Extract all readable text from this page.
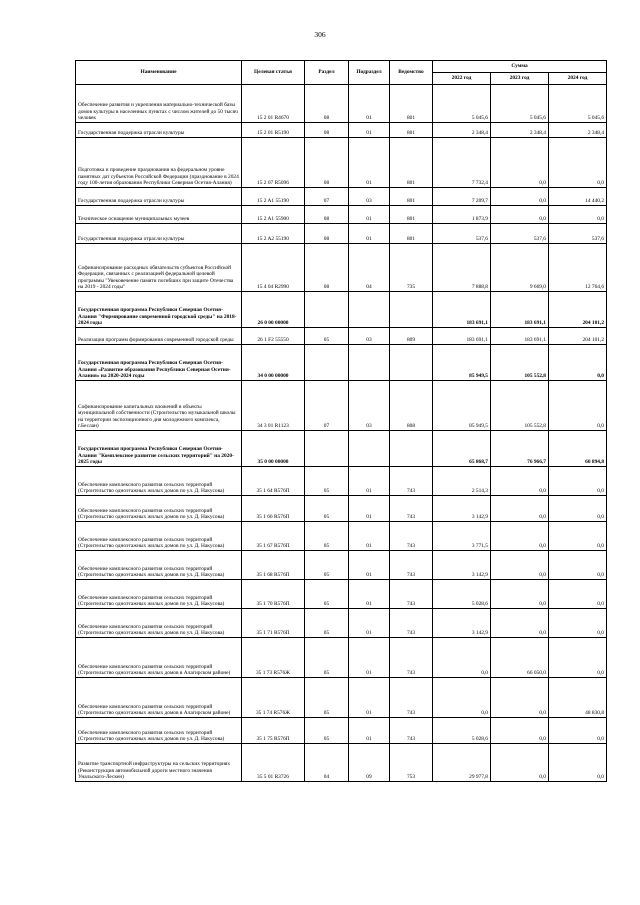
306
Наименование	Целевая статья	Раздел	Подраздел	Ведомство	Сумма		
					2022 год	2023 год	2024 год
Обеспечение развития и укрепления материально-технической базы домов культуры в населенных пунктах с числом жителей до 50 тысяч человек	15 2 01 R4670	08	01	801	5 045,6	5 045,6	5 045,6
Государственная поддержка отрасли культуры	15 2 01 R5190	08	01	801	2 348,4	2 348,4	2 348,4
Подготовка и проведение празднования на федеральном уровне памятных дат субъектов Российской Федерации (празднование в 2024 году 100-летия образования Республики Северная Осетия-Алания)	15 2 07 R5096	08	01	801	7 732,4	0,0	0,0
Государственная поддержка отрасли культуры	15 2 A1 55190	07	03	801	7 209,7	0,0	14 440,2
Техническое оснащение муниципальных музеев	15 2 A1 55900	08	01	801	1 873,9	0,0	0,0
Государственная поддержка отрасли культуры	15 2 A2 55190	08	01	801	537,6	537,6	537,6
Софинансирование расходных обязательств субъектов Российской Федерации, связанных с реализацией федеральной целевой программы "Увековечение памяти погибших при защите Отечества на 2019 - 2024 годы"	15 4 04 R2990	08	04	735	7 888,8	9 669,0	12 764,6
Государственная программа Республики Северная Осетия-Алания "Формирование современной городской среды" на 2018-2024 годы	26 0 00 00000				183 691,1	183 691,1	204 101,2
Реализация программ формирования современной городской среды	26 1 F2 55550	05	03	809	183 691,1	183 691,1	204 101,2
Государственная программа Республики Северная Осетия-Алания «Развитие образования Республики Северная Осетия-Алания» на 2020-2024 годы	34 0 00 00000				85 949,5	105 552,8	0,0
Софинансирование капитальных вложений в объекты муниципальной собственности (Строительство музыкальной школы на территории экспозиционного дня молодежного комплекса, г.Беслан)	34 3 01 R1123	07	03	808	85 949,5	105 552,8	0,0
Государственная программа Республики Северная Осетия-Алания "Комплексное развитие сельских территорий" на 2020-2025 годы	35 0 00 00000				65 868,7	76 966,7	60 894,8
Обеспечение комплексного развития сельских территорий (Строительство одноэтажных жилых домов по ул. Д. Накусова)	35 1 64 R576П	05	01	743	2 514,3	0,0	0,0
Обеспечение комплексного развития сельских территорий (Строительство одноэтажных жилых домов по ул. Д. Накусова)	35 1 66 R576П	05	01	743	3 142,9	0,0	0,0
Обеспечение комплексного развития сельских территорий (Строительство одноэтажных жилых домов по ул. Д. Накусова)	35 1 67 R576П	05	01	743	3 771,5	0,0	0,0
Обеспечение комплексного развития сельских территорий (Строительство одноэтажных жилых домов по ул. Д. Накусова)	35 1 68 R576П	05	01	743	3 142,9	0,0	0,0
Обеспечение комплексного развития сельских территорий (Строительство одноэтажных жилых домов по ул. Д. Накусова)	35 1 70 R576П	05	01	743	5 028,6	0,0	0,0
Обеспечение комплексного развития сельских территорий (Строительство одноэтажных жилых домов по ул. Д. Накусова)	35 1 71 R576П	05	01	743	3 142,9	0,0	0,0
Обеспечение комплексного развития сельских территорий (Строительство одноэтажных жилых домов в Алагирском районе)	35 1 73 R576Ж	05	01	743	0,0	66 050,0	0,0
Обеспечение комплексного развития сельских территорий (Строительство одноэтажных жилых домов в Алагирском районе)	35 1 74 R576Ж	05	01	743	0,0	0,0	48 830,8
Обеспечение комплексного развития сельских территорий (Строительство одноэтажных жилых домов по ул. Д. Накусова)	35 1 75 R576П	05	01	743	5 028,6	0,0	0,0
Развитие транспортной инфраструктуры на сельских территориях (Реконструкция автомобильной дороги местного значения Унальского-Лескен)	35 5 01 R3726	04	09	753	29 977,8	0,0	0,0
